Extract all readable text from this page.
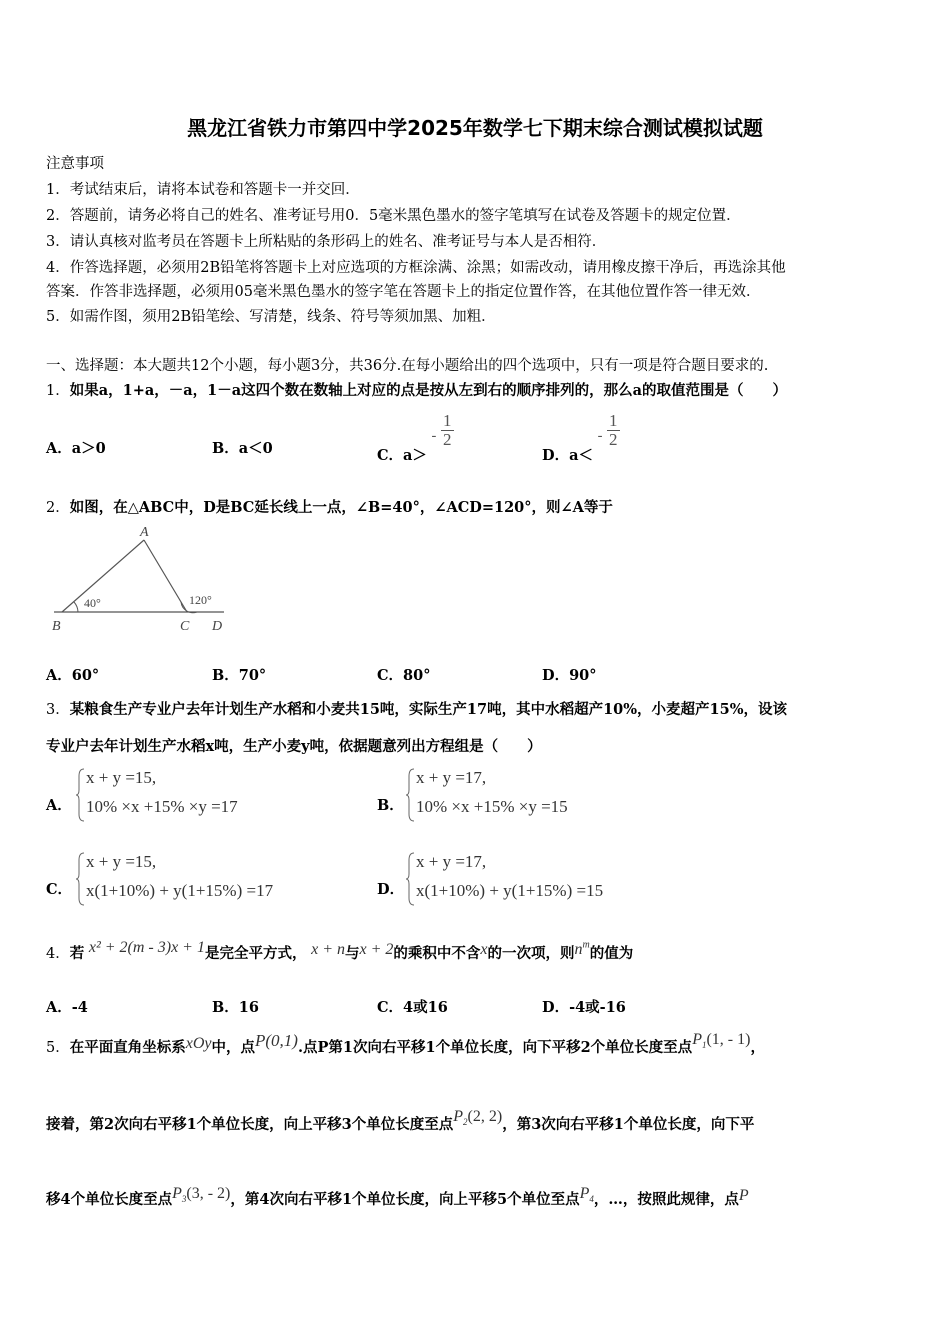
黑龙江省铁力市第四中学2025年数学七下期末综合测试模拟试题
注意事项
1．考试结束后，请将本试卷和答题卡一并交回．
2．答题前，请务必将自己的姓名、准考证号用0．5毫米黑色墨水的签字笔填写在试卷及答题卡的规定位置．
3．请认真核对监考员在答题卡上所粘贴的条形码上的姓名、准考证号与本人是否相符．
4．作答选择题，必须用2B铅笔将答题卡上对应选项的方框涂满、涂黑；如需改动，请用橡皮擦干净后，再选涂其他
答案．作答非选择题，必须用05毫米黑色墨水的签字笔在答题卡上的指定位置作答，在其他位置作答一律无效．
5．如需作图，须用2B铅笔绘、写清楚，线条、符号等须加黑、加粗．
一、选择题：本大题共12个小题，每小题3分，共36分.在每小题给出的四个选项中，只有一项是符合题目要求的.
1．如果a，1+a，－a，1－a这四个数在数轴上对应的点是按从左到右的顺序排列的，那么a的取值范围是（　　）
A．a＞0	B．a＜0	C．$a> - \frac{1}{2}$
D．$a< - \frac{1}{2}$
2．如图，在△ABC中，D是BC延长线上一点，∠B=40°，∠ACD=120°，则∠A等于
A
B	C D
40°	120°
A．60°	B．70°	C．80°	D．90°
3．某粮食生产专业户去年计划生产水稻和小麦共15吨，实际生产17吨，其中水稻超产10%，小麦超产15%，设该
专业户去年计划生产水稻x吨，生产小麦y吨，依据题意列出方程组是（　　）
A．
x + y =15,
10% ×x +15% ×y =17	B．
x + y =17,
10% ×x +15% ×y =15
C．
x + y =15,
x(1+10%) + y(1+15%) =17	D．
x + y =17,
x(1+10%) + y(1+15%) =15
4．若 x² + 2(m - 3)x + 1是完全平方式， x + n与x + 2的乘积中不含x的一次项，则$n^m$的值为
A．-4	B．16	C．4或16	D．-4或-16
5．在平面直角坐标系xOy中，点P(0,1).点P第1次向右平移1个单位长度，向下平移2个单位长度至点$P_1(1$, - 1)，
接着，第2次向右平移1个单位长度，向上平移3个单位长度至点$P_2(2$, 2)，第3次向右平移1个单位长度，向下平
移4个单位长度至点$P_3(3$, - 2)，第4次向右平移1个单位长度，向上平移5个单位至点$P_4$，…，按照此规律，点P
